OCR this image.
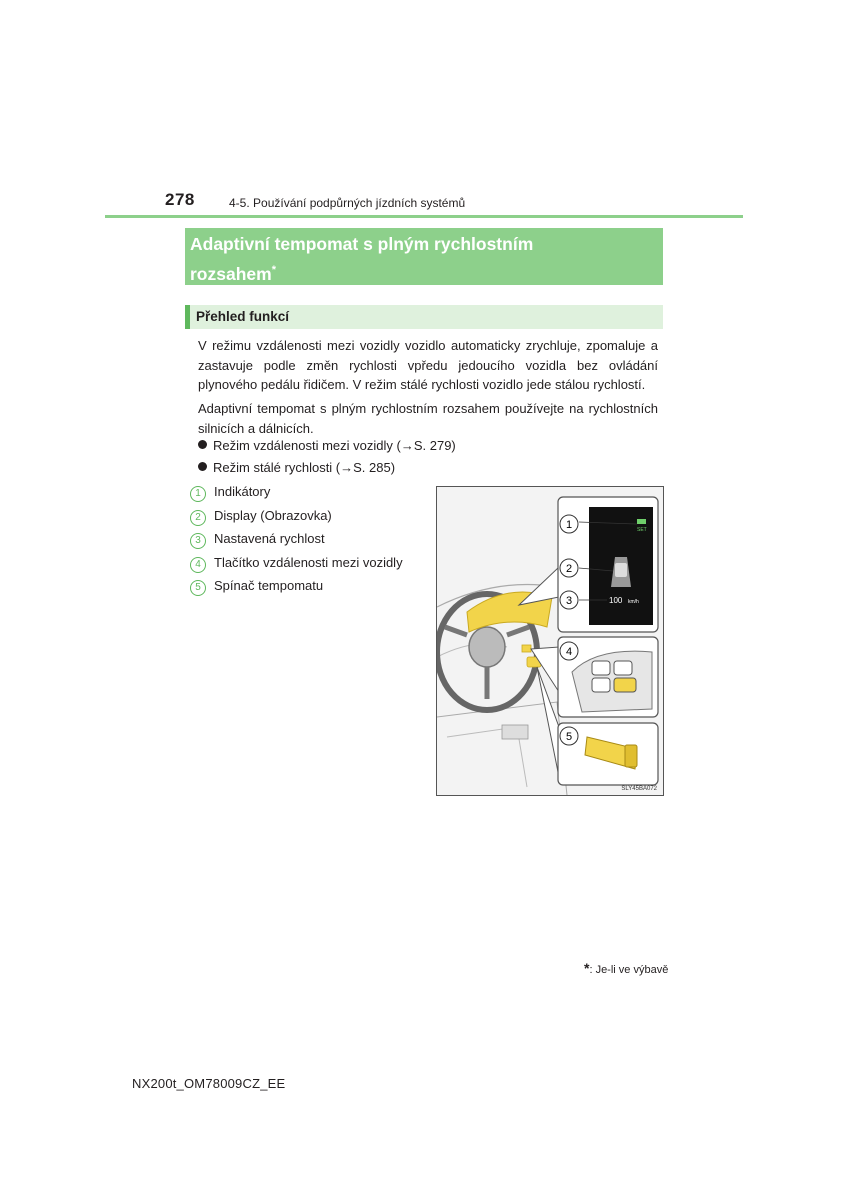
278	4-5. Používání podpůrných jízdních systémů
Adaptivní tempomat s plným rychlostním
rozsahem*
Přehled funkcí
V režimu vzdálenosti mezi vozidly vozidlo automaticky zrychluje, zpomaluje a zastavuje podle změn rychlosti vpředu jedoucího vozidla bez ovládání plynového pedálu řidičem. V režim stálé rychlosti vozidlo jede stálou rychlostí.
Adaptivní tempomat s plným rychlostním rozsahem používejte na rychlostních silnicích a dálnicích.
Režim vzdálenosti mezi vozidly (→S. 279)
Režim stálé rychlosti (→S. 285)
1 Indikátory
2 Display (Obrazovka)
3 Nastavená rychlost
4 Tlačítko vzdálenosti mezi vozidly
5 Spínač tempomatu
SET
100 km/h
1
2
3
4
5
SLY45BA072
*: Je-li ve výbavě
NX200t_OM78009CZ_EE
